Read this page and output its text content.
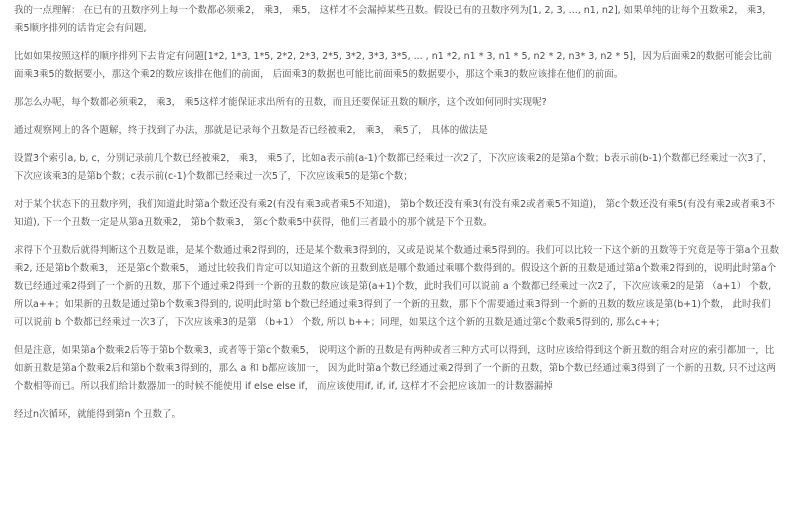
我的一点理解： 在已有的丑数序列上每一个数都必须乘2， 乘3， 乘5， 这样才不会漏掉某些丑数。假设已有的丑数序列为[1, 2, 3, ..., n1, n2], 如果单纯的让每个丑数乘2， 乘3， 乘5顺序排列的话肯定会有问题,

比如如果按照这样的顺序排列下去肯定有问题[1*2, 1*3, 1*5, 2*2, 2*3, 2*5, 3*2, 3*3, 3*5, ... , n1 *2, n1 * 3, n1 * 5, n2 * 2, n3* 3, n2 * 5]，因为后面乘2的数据可能会比前面乘3乘5的数据要小，那这个乘2的数应该排在他们的前面， 后面乘3的数据也可能比前面乘5的数据要小，那这个乘3的数应该排在他们的前面。

那怎么办呢，每个数都必须乘2， 乘3， 乘5这样才能保证求出所有的丑数，而且还要保证丑数的顺序，这个改如何同时实现呢?

通过观察网上的各个题解，终于找到了办法，那就是记录每个丑数是否已经被乘2， 乘3， 乘5了， 具体的做法是

设置3个索引a, b, c，分别记录前几个数已经被乘2， 乘3， 乘5了，比如a表示前(a-1)个数都已经乘过一次2了，下次应该乘2的是第a个数；b表示前(b-1)个数都已经乘过一次3了，下次应该乘3的是第b个数；c表示前(c-1)个数都已经乘过一次5了，下次应该乘5的是第c个数；

对于某个状态下的丑数序列，我们知道此时第a个数还没有乘2(有没有乘3或者乘5不知道)， 第b个数还没有乘3(有没有乘2或者乘5不知道)， 第c个数还没有乘5(有没有乘2或者乘3不知道), 下一个丑数一定是从第a丑数乘2， 第b个数乘3， 第c个数乘5中获得，他们三者最小的那个就是下个丑数。

求得下个丑数后就得判断这个丑数是谁，是某个数通过乘2得到的，还是某个数乘3得到的，又或是说某个数通过乘5得到的。我们可以比较一下这个新的丑数等于究竟是等于第a个丑数乘2, 还是第b个数乘3， 还是第c个数乘5， 通过比较我们肯定可以知道这个新的丑数到底是哪个数通过乘哪个数得到的。假设这个新的丑数是通过第a个数乘2得到的，说明此时第a个数已经通过乘2得到了一个新的丑数，那下个通过乘2得到一个新的丑数的数应该是第(a+1)个数，此时我们可以说前 a 个数都已经乘过一次2了，下次应该乘2的是第 （a+1） 个数, 所以a++；如果新的丑数是通过第b个数乘3得到的, 说明此时第 b个数已经通过乘3得到了一个新的丑数，那下个需要通过乘3得到一个新的丑数的数应该是第(b+1)个数， 此时我们可以说前 b 个数都已经乘过一次3了，下次应该乘3的是第 （b+1） 个数, 所以 b++；同理，如果这个这个新的丑数是通过第c个数乘5得到的, 那么c++;

但是注意，如果第a个数乘2后等于第b个数乘3，或者等于第c个数乘5， 说明这个新的丑数是有两种或者三种方式可以得到，这时应该给得到这个新丑数的组合对应的索引都加一，比如新丑数是第a个数乘2后和第b个数乘3得到的，那么 a 和 b都应该加一， 因为此时第a个数已经通过乘2得到了一个新的丑数，第b个数已经通过乘3得到了一个新的丑数, 只不过这两个数相等而已。所以我们给计数器加一的时候不能使用 if else else if， 而应该使用if, if, if, 这样才不会把应该加一的计数器漏掉

经过n次循环，就能得到第n 个丑数了。
